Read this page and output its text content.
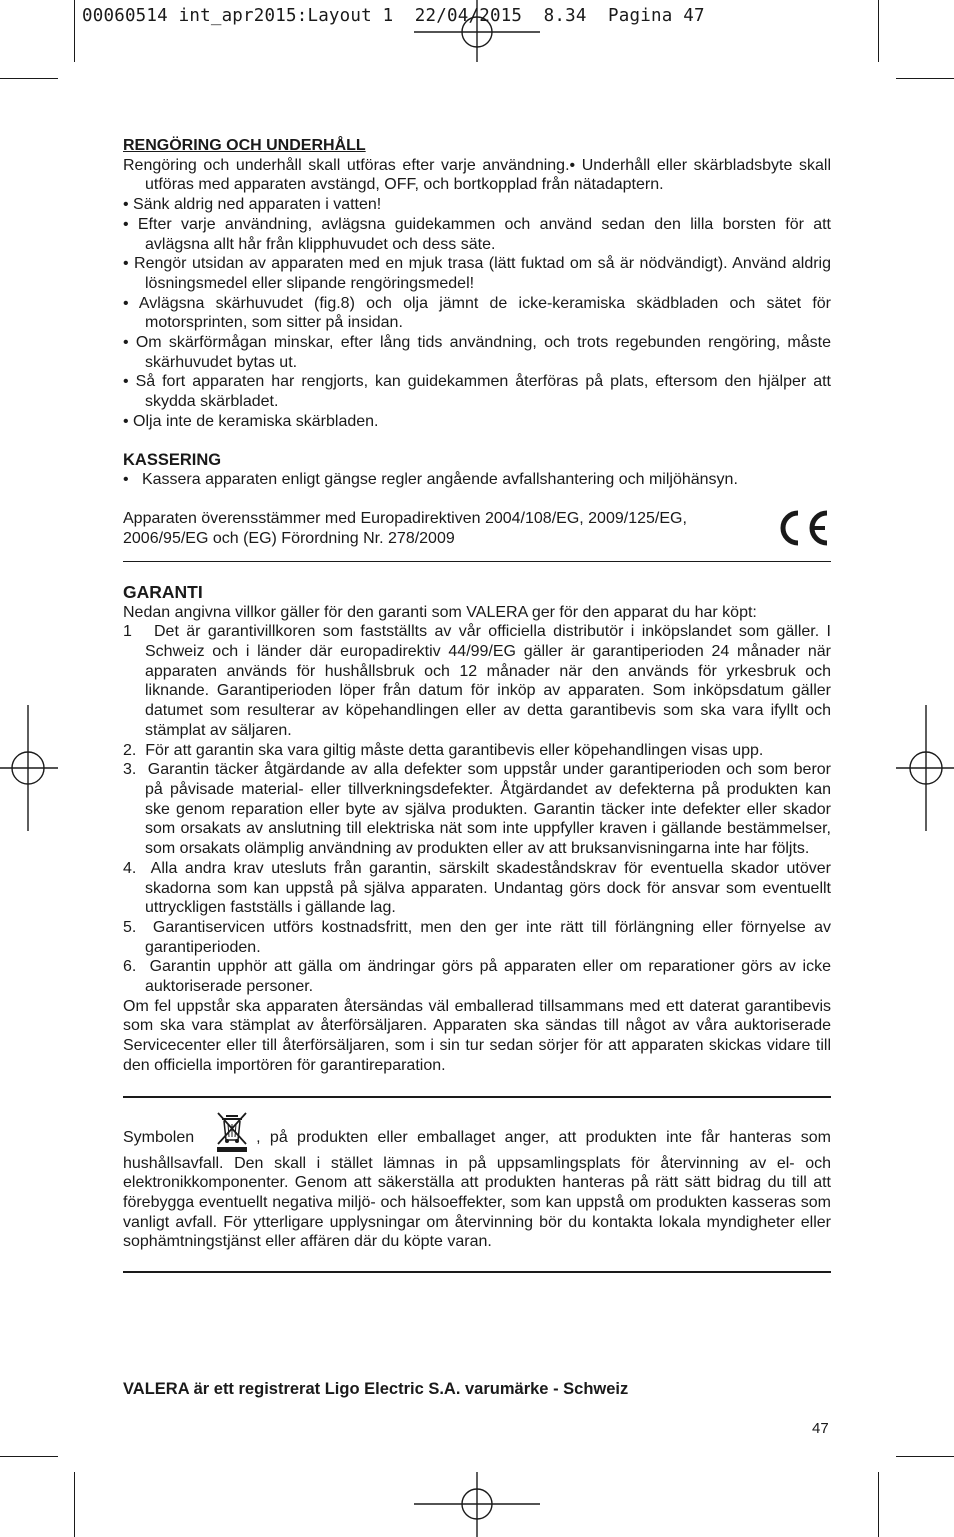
00060514 int_apr2015:Layout 1  22/04/2015  8.34  Pagina 47
RENGÖRING OCH UNDERHÅLL

Rengöring och underhåll skall utföras efter varje användning.• Underhåll eller skärbladsbyte skall utföras med apparaten avstängd, OFF, och bortkopplad från nätadaptern.

• Sänk aldrig ned apparaten i vatten!

• Efter varje användning, avlägsna guidekammen och använd sedan den lilla borsten för att avlägsna allt hår från klipphuvudet och dess säte.

• Rengör utsidan av apparaten med en mjuk trasa (lätt fuktad om så är nödvändigt). Använd aldrig lösningsmedel eller slipande rengöringsmedel!

• Avlägsna skärhuvudet (fig.8) och olja jämnt de icke-keramiska skädbladen och sätet för motorsprinten, som sitter på insidan.

• Om skärförmågan minskar, efter lång tids användning, och trots regebunden rengöring, måste skärhuvudet bytas ut.

• Så fort apparaten har rengjorts, kan guidekammen återföras på plats, eftersom den hjälper att skydda skärbladet.

• Olja inte de keramiska skärbladen.

KASSERING

•   Kassera apparaten enligt gängse regler angående avfallshantering och miljöhänsyn.

Apparaten överensstämmer med Europadirektiven 2004/108/EG, 2009/125/EG, 2006/95/EG och (EG) Förordning Nr. 278/2009
GARANTI

Nedan angivna villkor gäller för den garanti som VALERA ger för den apparat du har köpt:

1   Det är garantivillkoren som fastställts av vår officiella distributör i inköpslandet som gäller. I Schweiz och i länder där europadirektiv 44/99/EG gäller är garantiperioden 24 månader när apparaten används för hushållsbruk och 12 månader när den används för yrkesbruk och liknande. Garantiperioden löper från datum för inköp av apparaten. Som inköpsdatum gäller datumet som resulterar av köpehandlingen eller av detta garantibevis som ska vara ifyllt och stämplat av säljaren.

2.  För att garantin ska vara giltig måste detta garantibevis eller köpehandlingen visas upp.

3.  Garantin täcker åtgärdande av alla defekter som uppstår under garantiperioden och som beror på påvisade material- eller tillverkningsdefekter. Åtgärdandet av defekterna på produkten kan ske genom reparation eller byte av själva produkten. Garantin täcker inte defekter eller skador som orsakats av anslutning till elektriska nät som inte uppfyller kraven i gällande bestämmelser, som orsakats olämplig användning av produkten eller av att bruksanvisningarna inte har följts.

4.  Alla andra krav utesluts från garantin, särskilt skadeståndskrav för eventuella skador utöver skadorna som kan uppstå på själva apparaten. Undantag görs dock för ansvar som eventuellt uttryckligen fastställs i gällande lag.

5.  Garantiservicen utförs kostnadsfritt, men den ger inte rätt till förlängning eller förnyelse av garantiperioden.

6.  Garantin upphör att gälla om ändringar görs på apparaten eller om reparationer görs av icke auktoriserade personer.

Om fel uppstår ska apparaten återsändas väl emballerad tillsammans med ett daterat garantibevis som ska vara stämplat av återförsäljaren. Apparaten ska sändas till något av våra auktoriserade Servicecenter eller till återförsäljaren, som i sin tur sedan sörjer för att apparaten skickas vidare till den officiella importören för garantireparation.

Symbolen	, på produkten eller emballaget anger, att produkten inte får hanteras som hushållsavfall. Den skall i stället lämnas in på uppsamlingsplats för återvinning av el- och elektronikkomponenter. Genom att säkerställa att produkten hanteras på rätt sätt bidrag du till att förebygga eventuellt negativa miljö- och hälsoeffekter, som kan uppstå om produkten kasseras som vanligt avfall. För ytterligare upplysningar om återvinning bör du kontakta lokala myndigheter eller sophämtningstjänst eller affären där du köpte varan.

VALERA är ett registrerat Ligo Electric S.A. varumärke - Schweiz
47
